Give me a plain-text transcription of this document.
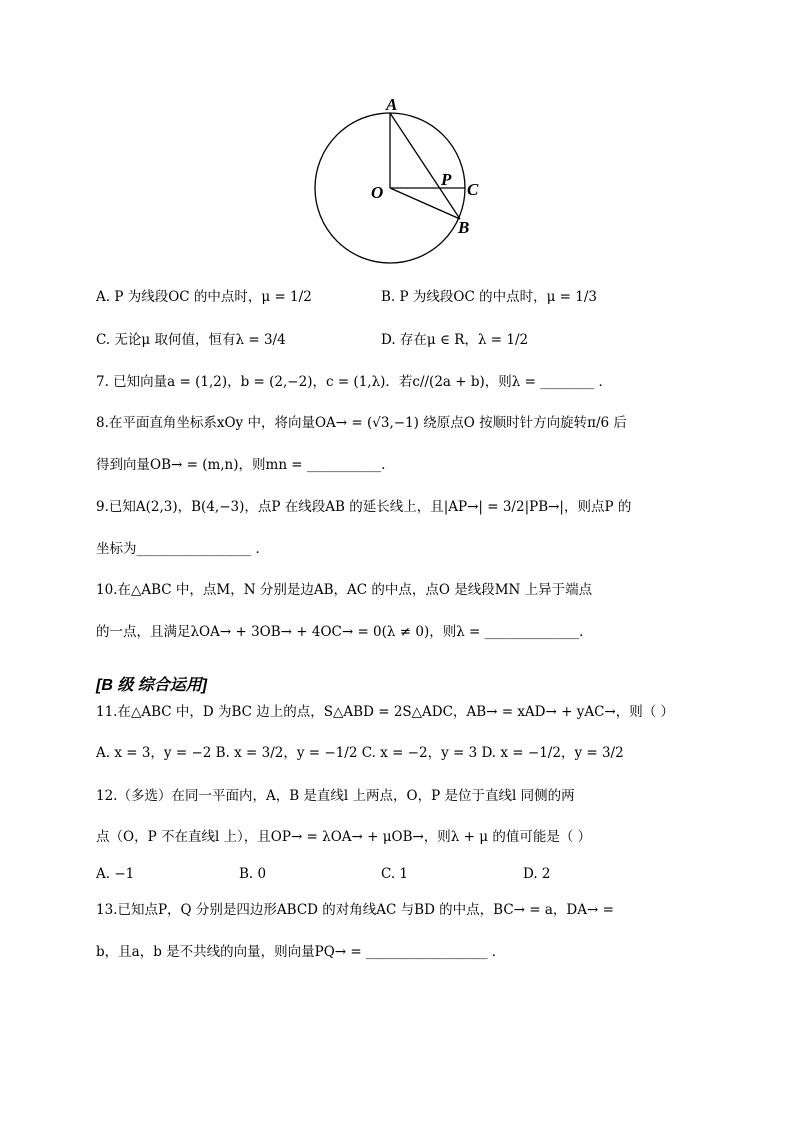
A
O
P
C
B
A. P 为线段OC 的中点时，μ = 1/2	B. P 为线段OC 的中点时，μ = 1/3
C. 无论μ 取何值，恒有λ = 3/4	D. 存在μ ∈ R，λ = 1/2
7. 已知向量a = (1,2)，b = (2,−2)，c = (1,λ)．若c//(2a + b)，则λ = ________ ．
8.在平面直角坐标系xOy 中，将向量OA→ = (√3,−1) 绕原点O 按顺时针方向旋转π/6 后
得到向量OB→ = (m,n)，则mn = ___________.
9.已知A(2,3)，B(4,−3)，点P 在线段AB 的延长线上，且|AP→| = 3/2|PB→|，则点P 的
坐标为_________________ ．
10.在△ABC 中，点M，N 分别是边AB，AC 的中点，点O 是线段MN 上异于端点
的一点，且满足λOA→ + 3OB→ + 4OC→ = 0(λ ≠ 0)，则λ = ______________.
[B 级 综合运用]
11.在△ABC 中，D 为BC 边上的点，S△ABD = 2S△ADC，AB→ = xAD→ + yAC→，则（ ）
A. x = 3，y = −2 B. x = 3/2，y = −1/2 C. x = −2，y = 3 D. x = −1/2，y = 3/2
12.（多选）在同一平面内，A，B 是直线l 上两点，O，P 是位于直线l 同侧的两
点（O，P 不在直线l 上），且OP→ = λOA→ + μOB→，则λ + μ 的值可能是（ ）
A. −1	B. 0	C. 1	D. 2
13.已知点P，Q 分别是四边形ABCD 的对角线AC 与BD 的中点，BC→ = a，DA→ =
b，且a，b 是不共线的向量，则向量PQ→ = __________________ ．
